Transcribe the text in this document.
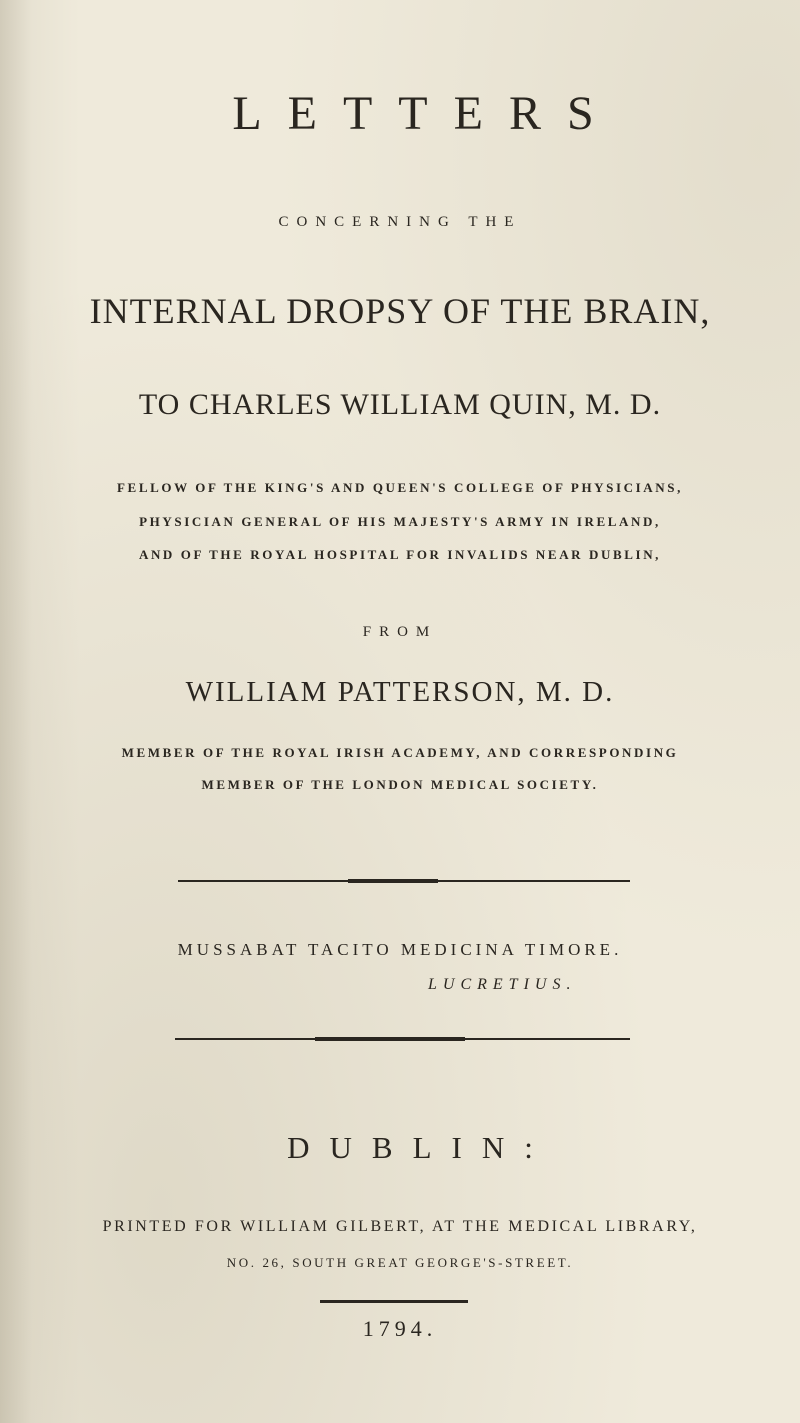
LETTERS
CONCERNING THE
INTERNAL DROPSY OF THE BRAIN,
TO CHARLES WILLIAM QUIN, M. D.
FELLOW OF THE KING'S AND QUEEN'S COLLEGE OF PHYSICIANS,
PHYSICIAN GENERAL OF HIS MAJESTY'S ARMY IN IRELAND,
AND OF THE ROYAL HOSPITAL FOR INVALIDS NEAR DUBLIN,
FROM
WILLIAM PATTERSON, M. D.
MEMBER OF THE ROYAL IRISH ACADEMY, AND CORRESPONDING
MEMBER OF THE LONDON MEDICAL SOCIETY.
MUSSABAT TACITO MEDICINA TIMORE.
LUCRETIUS.
DUBLIN:
PRINTED FOR WILLIAM GILBERT, AT THE MEDICAL LIBRARY,
NO. 26, SOUTH GREAT GEORGE'S-STREET.
1794.
